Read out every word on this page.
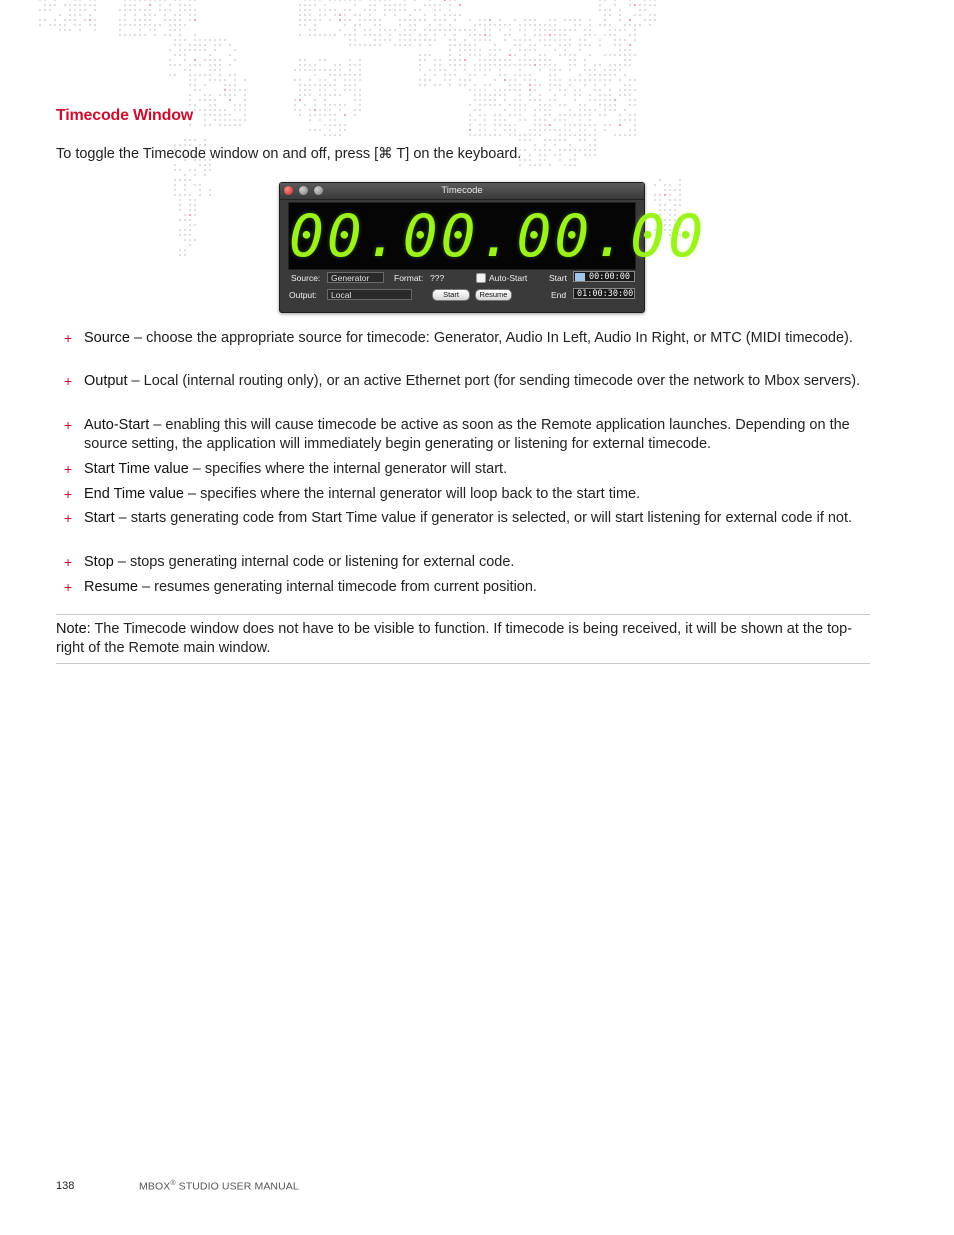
Timecode Window
To toggle the Timecode window on and off, press [⌘ T] on the keyboard.
Timecode
00.00.00.00
Source:	Generator	Format: ???	Auto-Start	Start	00:00:00
Output:	Local	Start	Resume	End	01:00:30:00
+ Source – choose the appropriate source for timecode: Generator, Audio In Left, Audio In Right, or MTC (MIDI timecode).
+ Output – Local (internal routing only), or an active Ethernet port (for sending timecode over the network to Mbox servers).
+ Auto-Start – enabling this will cause timecode be active as soon as the Remote application launches. Depending on the source setting, the application will immediately begin generating or listening for external timecode.
+ Start Time value – specifies where the internal generator will start.
+ End Time value – specifies where the internal generator will loop back to the start time.
+ Start – starts generating code from Start Time value if generator is selected, or will start listening for external code if not.
+ Stop – stops generating internal code or listening for external code.
+ Resume – resumes generating internal timecode from current position.
Note: The Timecode window does not have to be visible to function. If timecode is being received, it will be shown at the top-right of the Remote main window.
138	MBOX® STUDIO USER MANUAL
